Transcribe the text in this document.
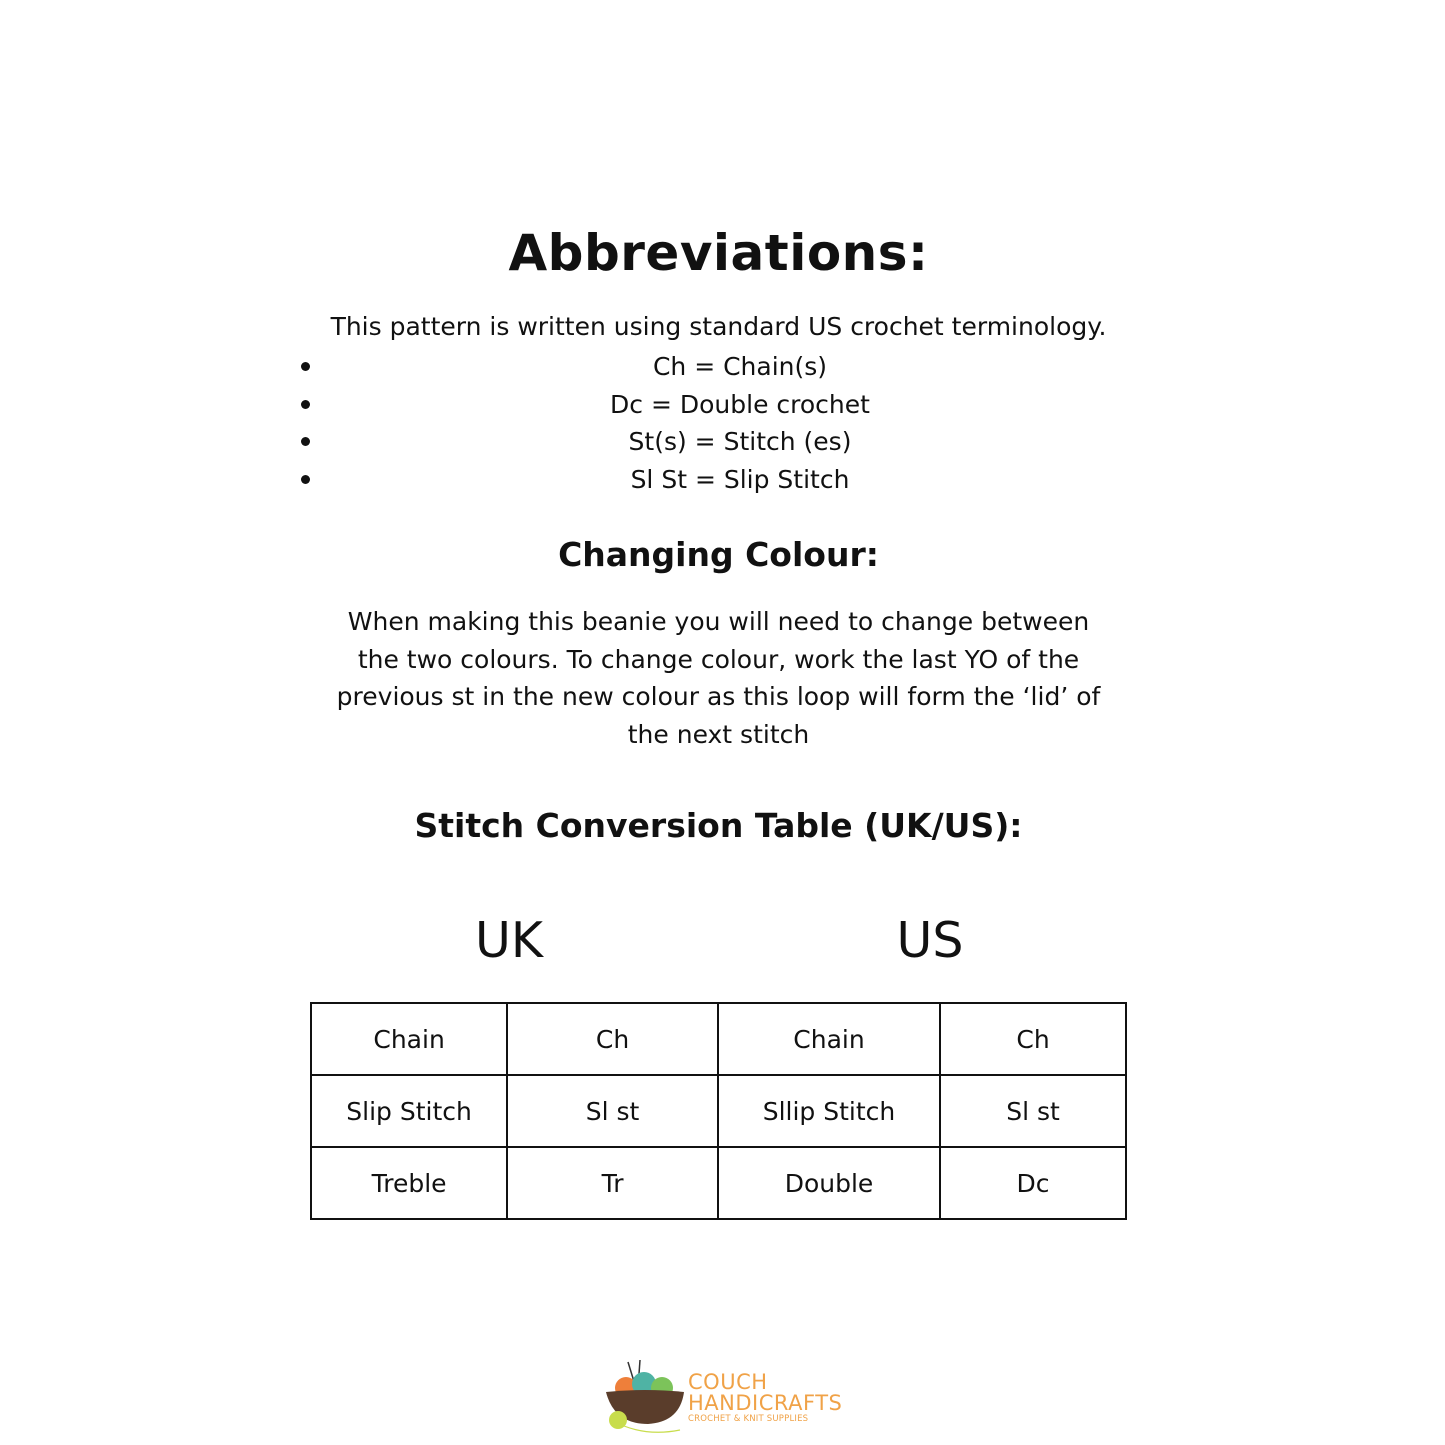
Abbreviations:

This pattern is written using standard US crochet terminology.

Ch = Chain(s)
Dc = Double crochet
St(s) = Stitch (es)
Sl St = Slip Stitch
Changing Colour:

When making this beanie you will need to change between
the two colours. To change colour, work the last YO of the
previous st in the new colour as this loop will form the ‘lid’ of
the next stitch

Stitch Conversion Table (UK/US):
UK	US
Chain	Ch	Chain	Ch
Slip Stitch	Sl st	Sllip Stitch	Sl st
Treble	Tr	Double	Dc
COUCH
HANDICRAFTS
CROCHET & KNIT SUPPLIES
